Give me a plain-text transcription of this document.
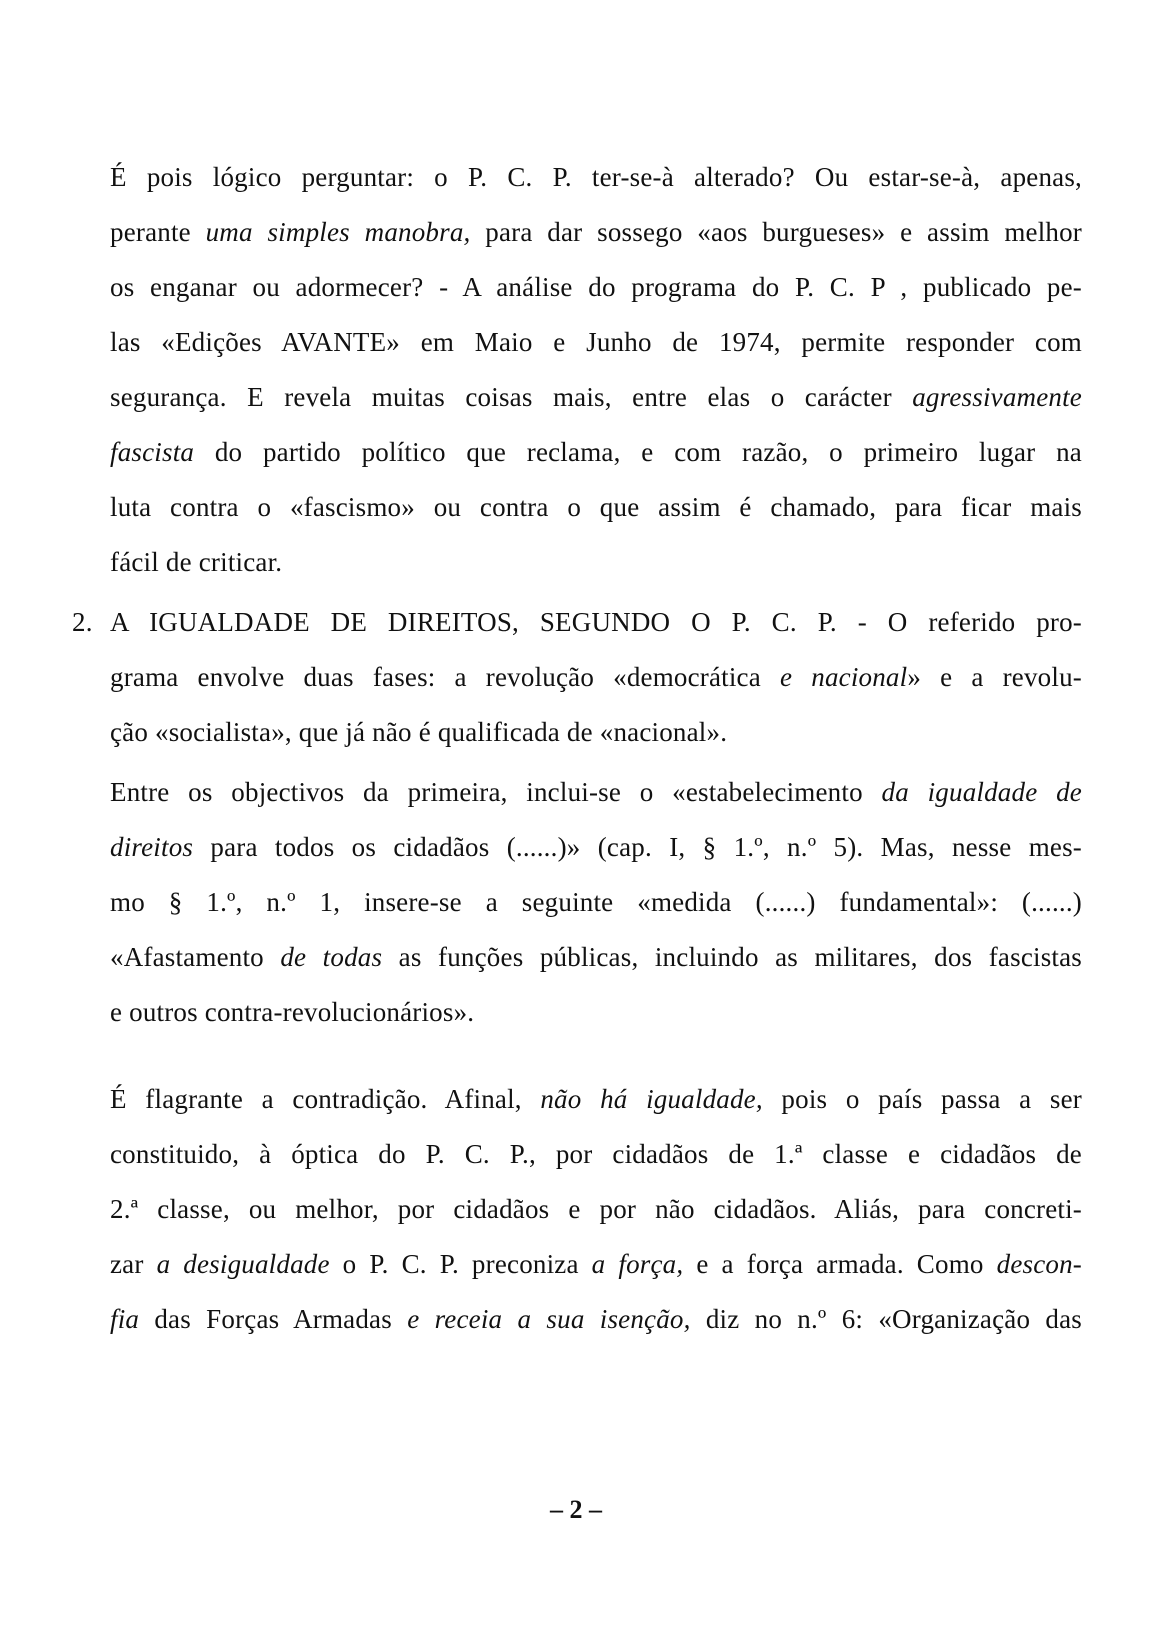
É pois lógico perguntar: o P. C. P. ter-se-à alterado? Ou estar-se-à, apenas,
perante uma simples manobra, para dar sossego «aos burgueses» e assim melhor
os enganar ou adormecer? - A análise do programa do P. C. P , publicado pe-
las «Edições AVANTE» em Maio e Junho de 1974, permite responder com
segurança. E revela muitas coisas mais, entre elas o carácter agressivamente
fascista do partido político que reclama, e com razão, o primeiro lugar na
luta contra o «fascismo» ou contra o que assim é chamado, para ficar mais
fácil de criticar.
2. A IGUALDADE DE DIREITOS, SEGUNDO O P. C. P. - O referido pro-
grama envolve duas fases: a revolução «democrática e nacional» e a revolu-
ção «socialista», que já não é qualificada de «nacional».
Entre os objectivos da primeira, inclui-se o «estabelecimento da igualdade de
direitos para todos os cidadãos (......)» (cap. I, § 1.º, n.º 5). Mas, nesse mes-
mo § 1.º, n.º 1, insere-se a seguinte «medida (......) fundamental»: (......)
«Afastamento de todas as funções públicas, incluindo as militares, dos fascistas
e outros contra-revolucionários».
É flagrante a contradição. Afinal, não há igualdade, pois o país passa a ser
constituido, à óptica do P. C. P., por cidadãos de 1.ª classe e cidadãos de
2.ª classe, ou melhor, por cidadãos e por não cidadãos. Aliás, para concreti-
zar a desigualdade o P. C. P. preconiza a força, e a força armada. Como descon-
fia das Forças Armadas e receia a sua isenção, diz no n.º 6: «Organização das
– 2 –
